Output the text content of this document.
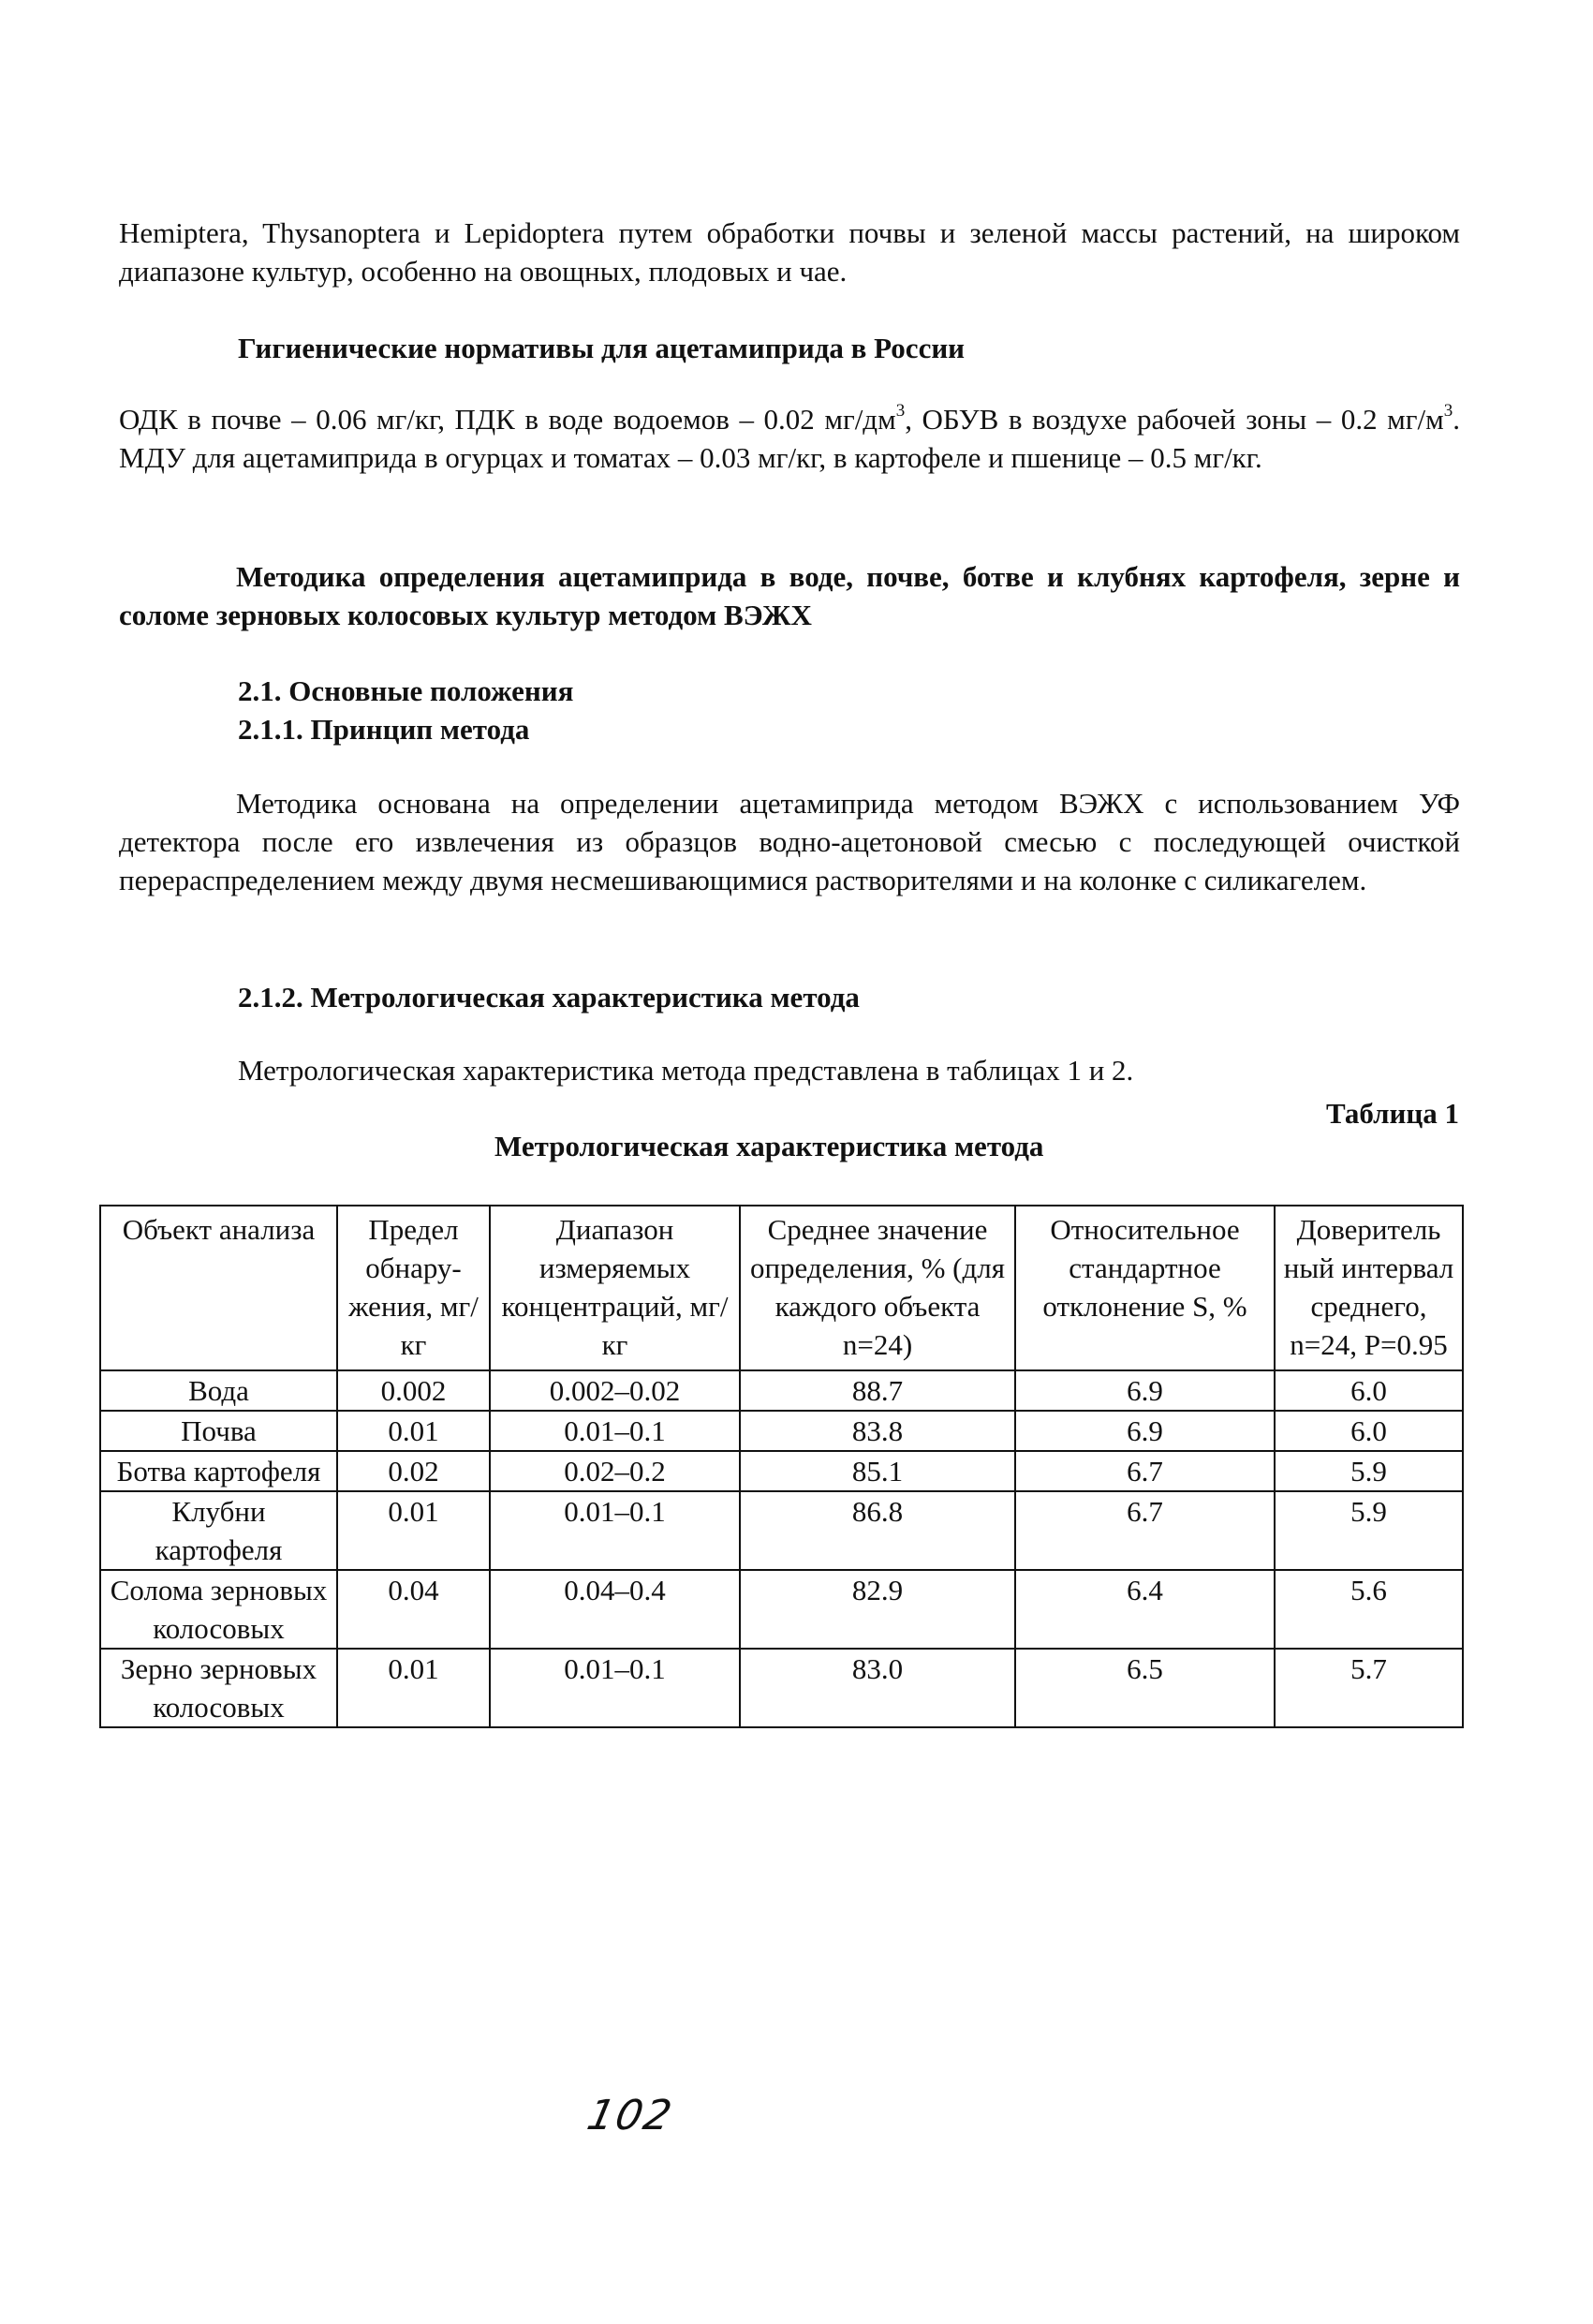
Hemiptera, Thysanoptera и Lepidoptera путем обработки почвы и зеленой массы растений, на широком диапазоне культур, особенно на овощных, плодовых и чае.

Гигиенические нормативы для ацетамиприда в России

ОДК в почве – 0.06 мг/кг, ПДК в воде водоемов – 0.02 $мг/дм^3$, ОБУВ в воздухе рабочей зоны – 0.2 $мг/м^3$. МДУ для ацетамиприда в огурцах и томатах – 0.03 мг/кг, в картофеле и пшенице – 0.5 мг/кг.

Методика определения ацетамиприда в воде, почве, ботве и клубнях картофеля, зерне и соломе зерновых колосовых культур методом ВЭЖХ

2.1. Основные положения

2.1.1. Принцип метода

Методика основана на определении ацетамиприда методом ВЭЖХ с использованием УФ детектора после его извлечения из образцов водно-ацетоновой смесью с последующей очисткой перераспределением между двумя несмешивающимися растворителями и на колонке с силикагелем.

2.1.2. Метрологическая характеристика метода

Метрологическая характеристика метода представлена в таблицах 1 и 2.

Таблица 1

Метрологическая характеристика метода

Объект анализа	Предел обнару-жения, мг/кг	Диапазон измеряемых концентраций, мг/кг	Среднее значение определения, % (для каждого объекта n=24)	Относительное стандартное отклонение S, %	Доверитель ный интервал среднего, n=24, P=0.95
Вода	0.002	0.002–0.02	88.7	6.9	6.0
Почва	0.01	0.01–0.1	83.8	6.9	6.0
Ботва картофеля	0.02	0.02–0.2	85.1	6.7	5.9
Клубни картофеля	0.01	0.01–0.1	86.8	6.7	5.9
Солома зерновых колосовых	0.04	0.04–0.4	82.9	6.4	5.6
Зерно зерновых колосовых	0.01	0.01–0.1	83.0	6.5	5.7
102
